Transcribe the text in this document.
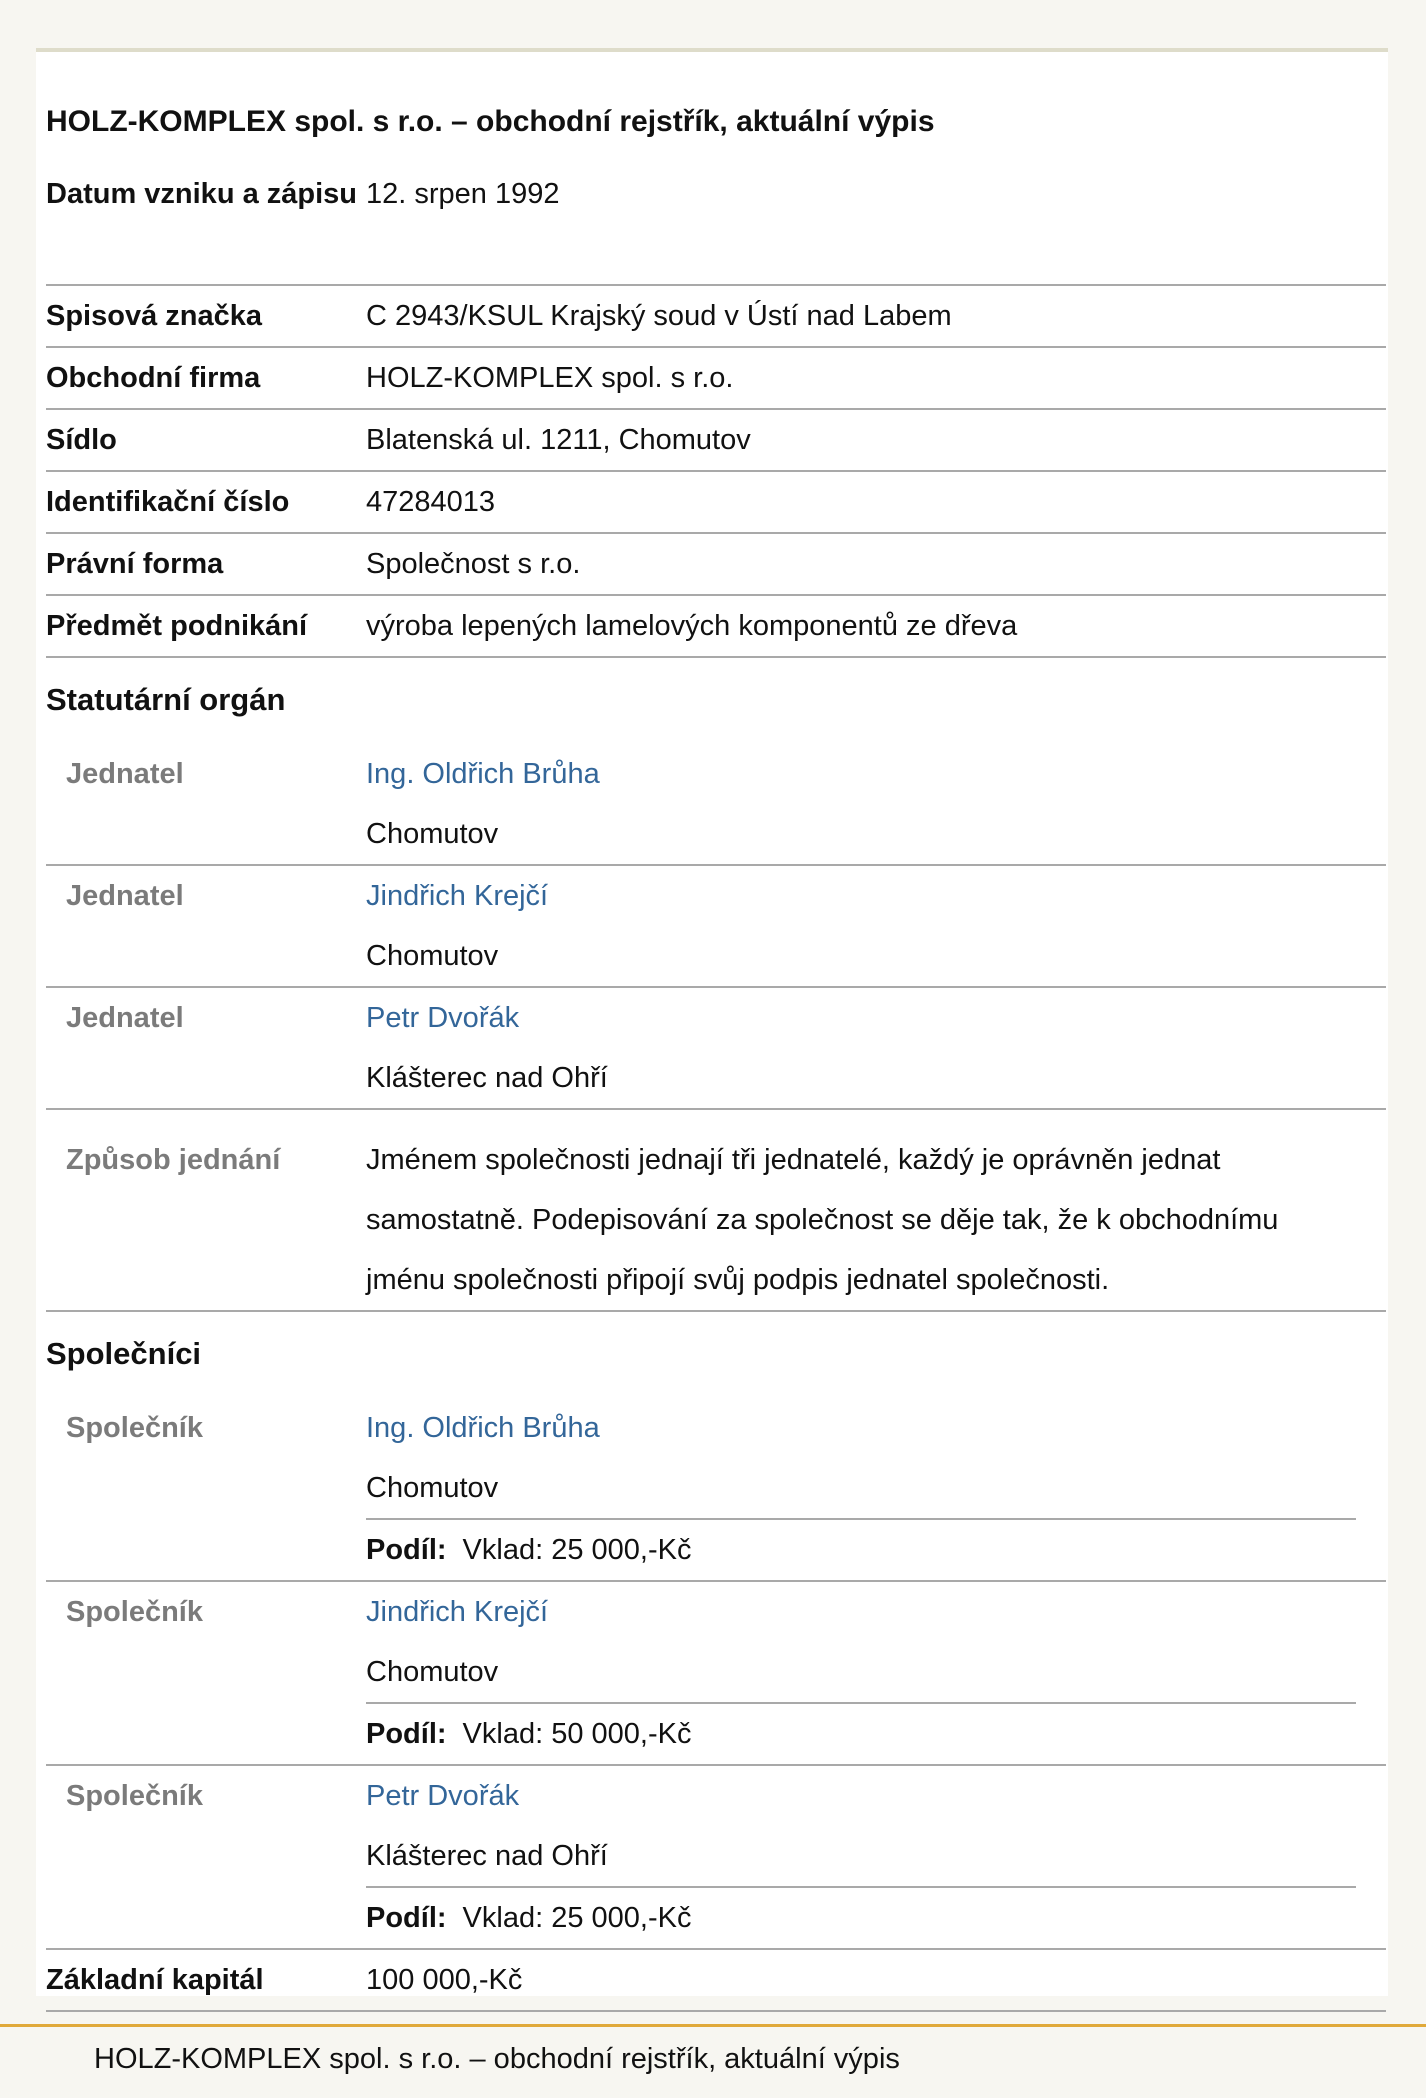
HOLZ-KOMPLEX spol. s r.o. – obchodní rejstřík, aktuální výpis
Datum vzniku a zápisu 12. srpen 1992
Spisová značka	C 2943/KSUL Krajský soud v Ústí nad Labem
Obchodní firma	HOLZ-KOMPLEX spol. s r.o.
Sídlo	Blatenská ul. 1211, Chomutov
Identifikační číslo	47284013
Právní forma	Společnost s r.o.
Předmět podnikání	výroba lepených lamelových komponentů ze dřeva
Statutární orgán
Jednatel	Ing. Oldřich Brůha
Chomutov
Jednatel	Jindřich Krejčí
Chomutov
Jednatel	Petr Dvořák
Klášterec nad Ohří
Způsob jednání	Jménem společnosti jednají tři jednatelé, každý je oprávněn jednat samostatně. Podepisování za společnost se děje tak, že k obchodnímu jménu společnosti připojí svůj podpis jednatel společnosti.
Společníci
Společník	Ing. Oldřich Brůha
Chomutov
Podíl: Vklad: 25 000,-Kč
Společník	Jindřich Krejčí
Chomutov
Podíl: Vklad: 50 000,-Kč
Společník	Petr Dvořák
Klášterec nad Ohří
Podíl: Vklad: 25 000,-Kč
Základní kapitál	100 000,-Kč
HOLZ-KOMPLEX spol. s r.o. – obchodní rejstřík, aktuální výpis
